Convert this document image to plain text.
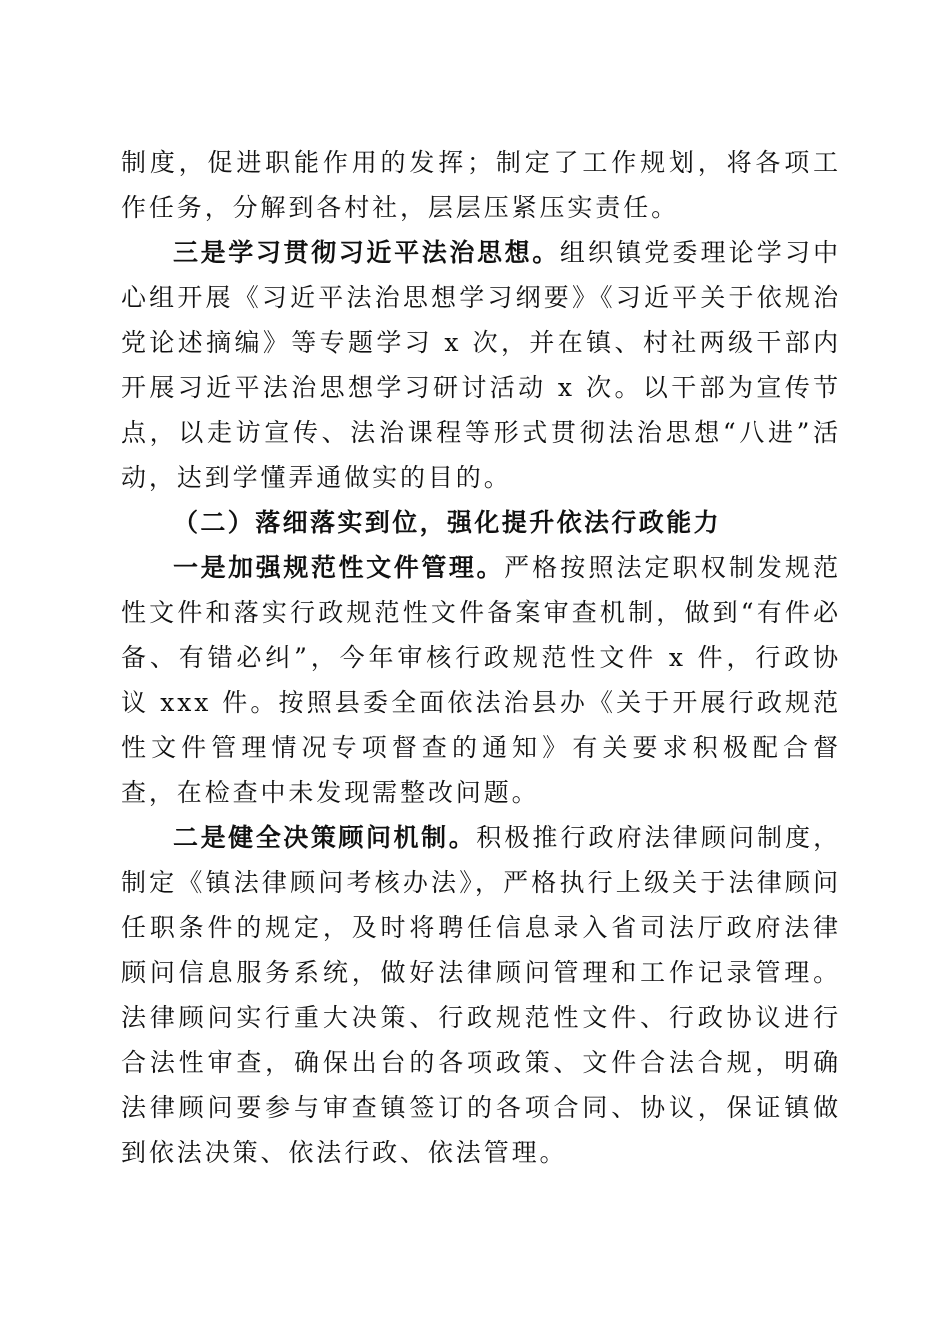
制度，促进职能作用的发挥；制定了工作规划，将各项工作任务，分解到各村社，层层压紧压实责任。

三是学习贯彻习近平法治思想。组织镇党委理论学习中心组开展《习近平法治思想学习纲要》《习近平关于依规治党论述摘编》等专题学习 x 次，并在镇、村社两级干部内开展习近平法治思想学习研讨活动 x 次。以干部为宣传节点，以走访宣传、法治课程等形式贯彻法治思想“八进”活动，达到学懂弄通做实的目的。

（二）落细落实到位，强化提升依法行政能力

一是加强规范性文件管理。严格按照法定职权制发规范性文件和落实行政规范性文件备案审查机制，做到“有件必备、有错必纠”，今年审核行政规范性文件 x 件，行政协议 xxx 件。按照县委全面依法治县办《关于开展行政规范性文件管理情况专项督查的通知》有关要求积极配合督查，在检查中未发现需整改问题。

二是健全决策顾问机制。积极推行政府法律顾问制度，制定《镇法律顾问考核办法》，严格执行上级关于法律顾问任职条件的规定，及时将聘任信息录入省司法厅政府法律顾问信息服务系统，做好法律顾问管理和工作记录管理。法律顾问实行重大决策、行政规范性文件、行政协议进行合法性审查，确保出台的各项政策、文件合法合规，明确法律顾问要参与审查镇签订的各项合同、协议，保证镇做到依法决策、依法行政、依法管理。
